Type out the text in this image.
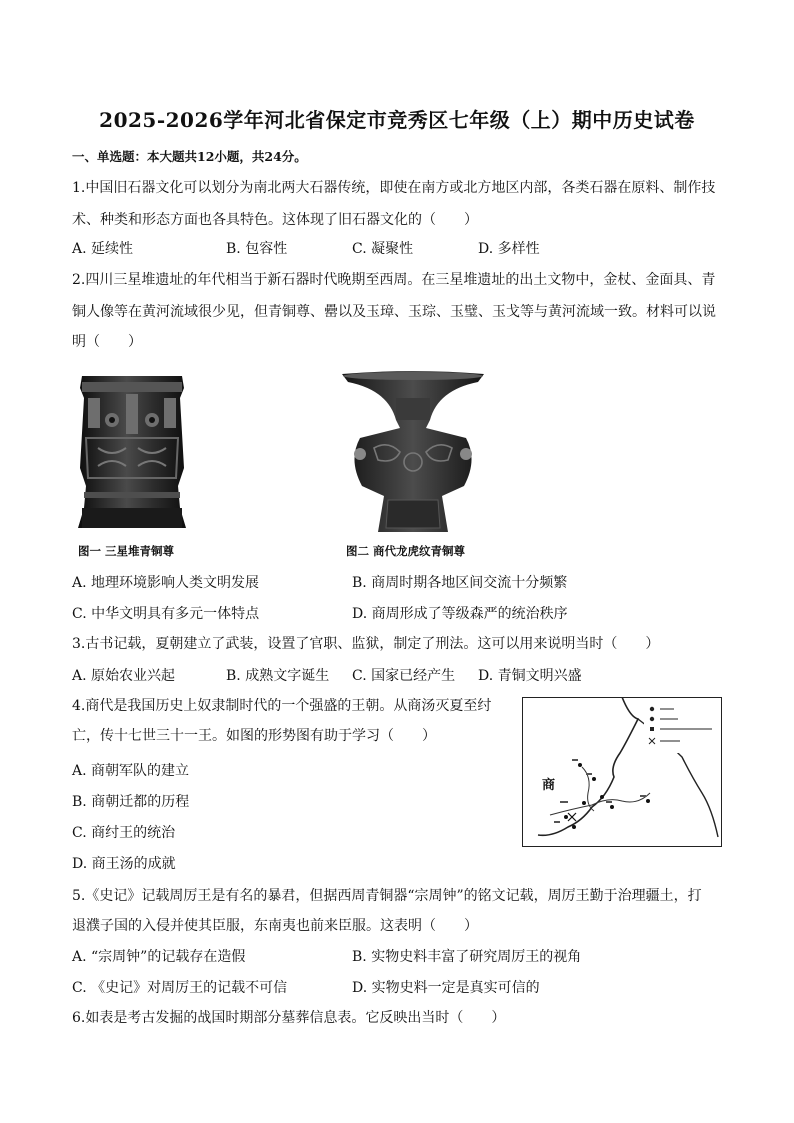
2025-2026学年河北省保定市竞秀区七年级（上）期中历史试卷
一、单选题：本大题共12小题，共24分。
1.中国旧石器文化可以划分为南北两大石器传统，即使在南方或北方地区内部，各类石器在原料、制作技
术、种类和形态方面也各具特色。这体现了旧石器文化的（　　）
A. 延续性	B. 包容性	C. 凝聚性	D. 多样性
2.四川三星堆遗址的年代相当于新石器时代晚期至西周。在三星堆遗址的出土文物中，金杖、金面具、青
铜人像等在黄河流域很少见，但青铜尊、罍以及玉璋、玉琮、玉璧、玉戈等与黄河流域一致。材料可以说
明（　　）
图一 三星堆青铜尊	图二 商代龙虎纹青铜尊
A. 地理环境影响人类文明发展	B. 商周时期各地区间交流十分频繁
C. 中华文明具有多元一体特点	D. 商周形成了等级森严的统治秩序
3.古书记载，夏朝建立了武装，设置了官职、监狱，制定了刑法。这可以用来说明当时（　　）
A. 原始农业兴起	B. 成熟文字诞生 C. 国家已经产生 D. 青铜文明兴盛
4.商代是我国历史上奴隶制时代的一个强盛的王朝。从商汤灭夏至纣
亡，传十七世三十一王。如图的形势图有助于学习（　　）
A. 商朝军队的建立
B. 商朝迁都的历程
C. 商纣王的统治
D. 商王汤的成就
商
5.《史记》记载周厉王是有名的暴君，但据西周青铜器“宗周钟”的铭文记载，周厉王勤于治理疆土，打
退濮子国的入侵并使其臣服，东南夷也前来臣服。这表明（　　）
A. “宗周钟”的记载存在造假	B. 实物史料丰富了研究周厉王的视角
C. 《史记》对周厉王的记载不可信	D. 实物史料一定是真实可信的
6.如表是考古发掘的战国时期部分墓葬信息表。它反映出当时（　　）
